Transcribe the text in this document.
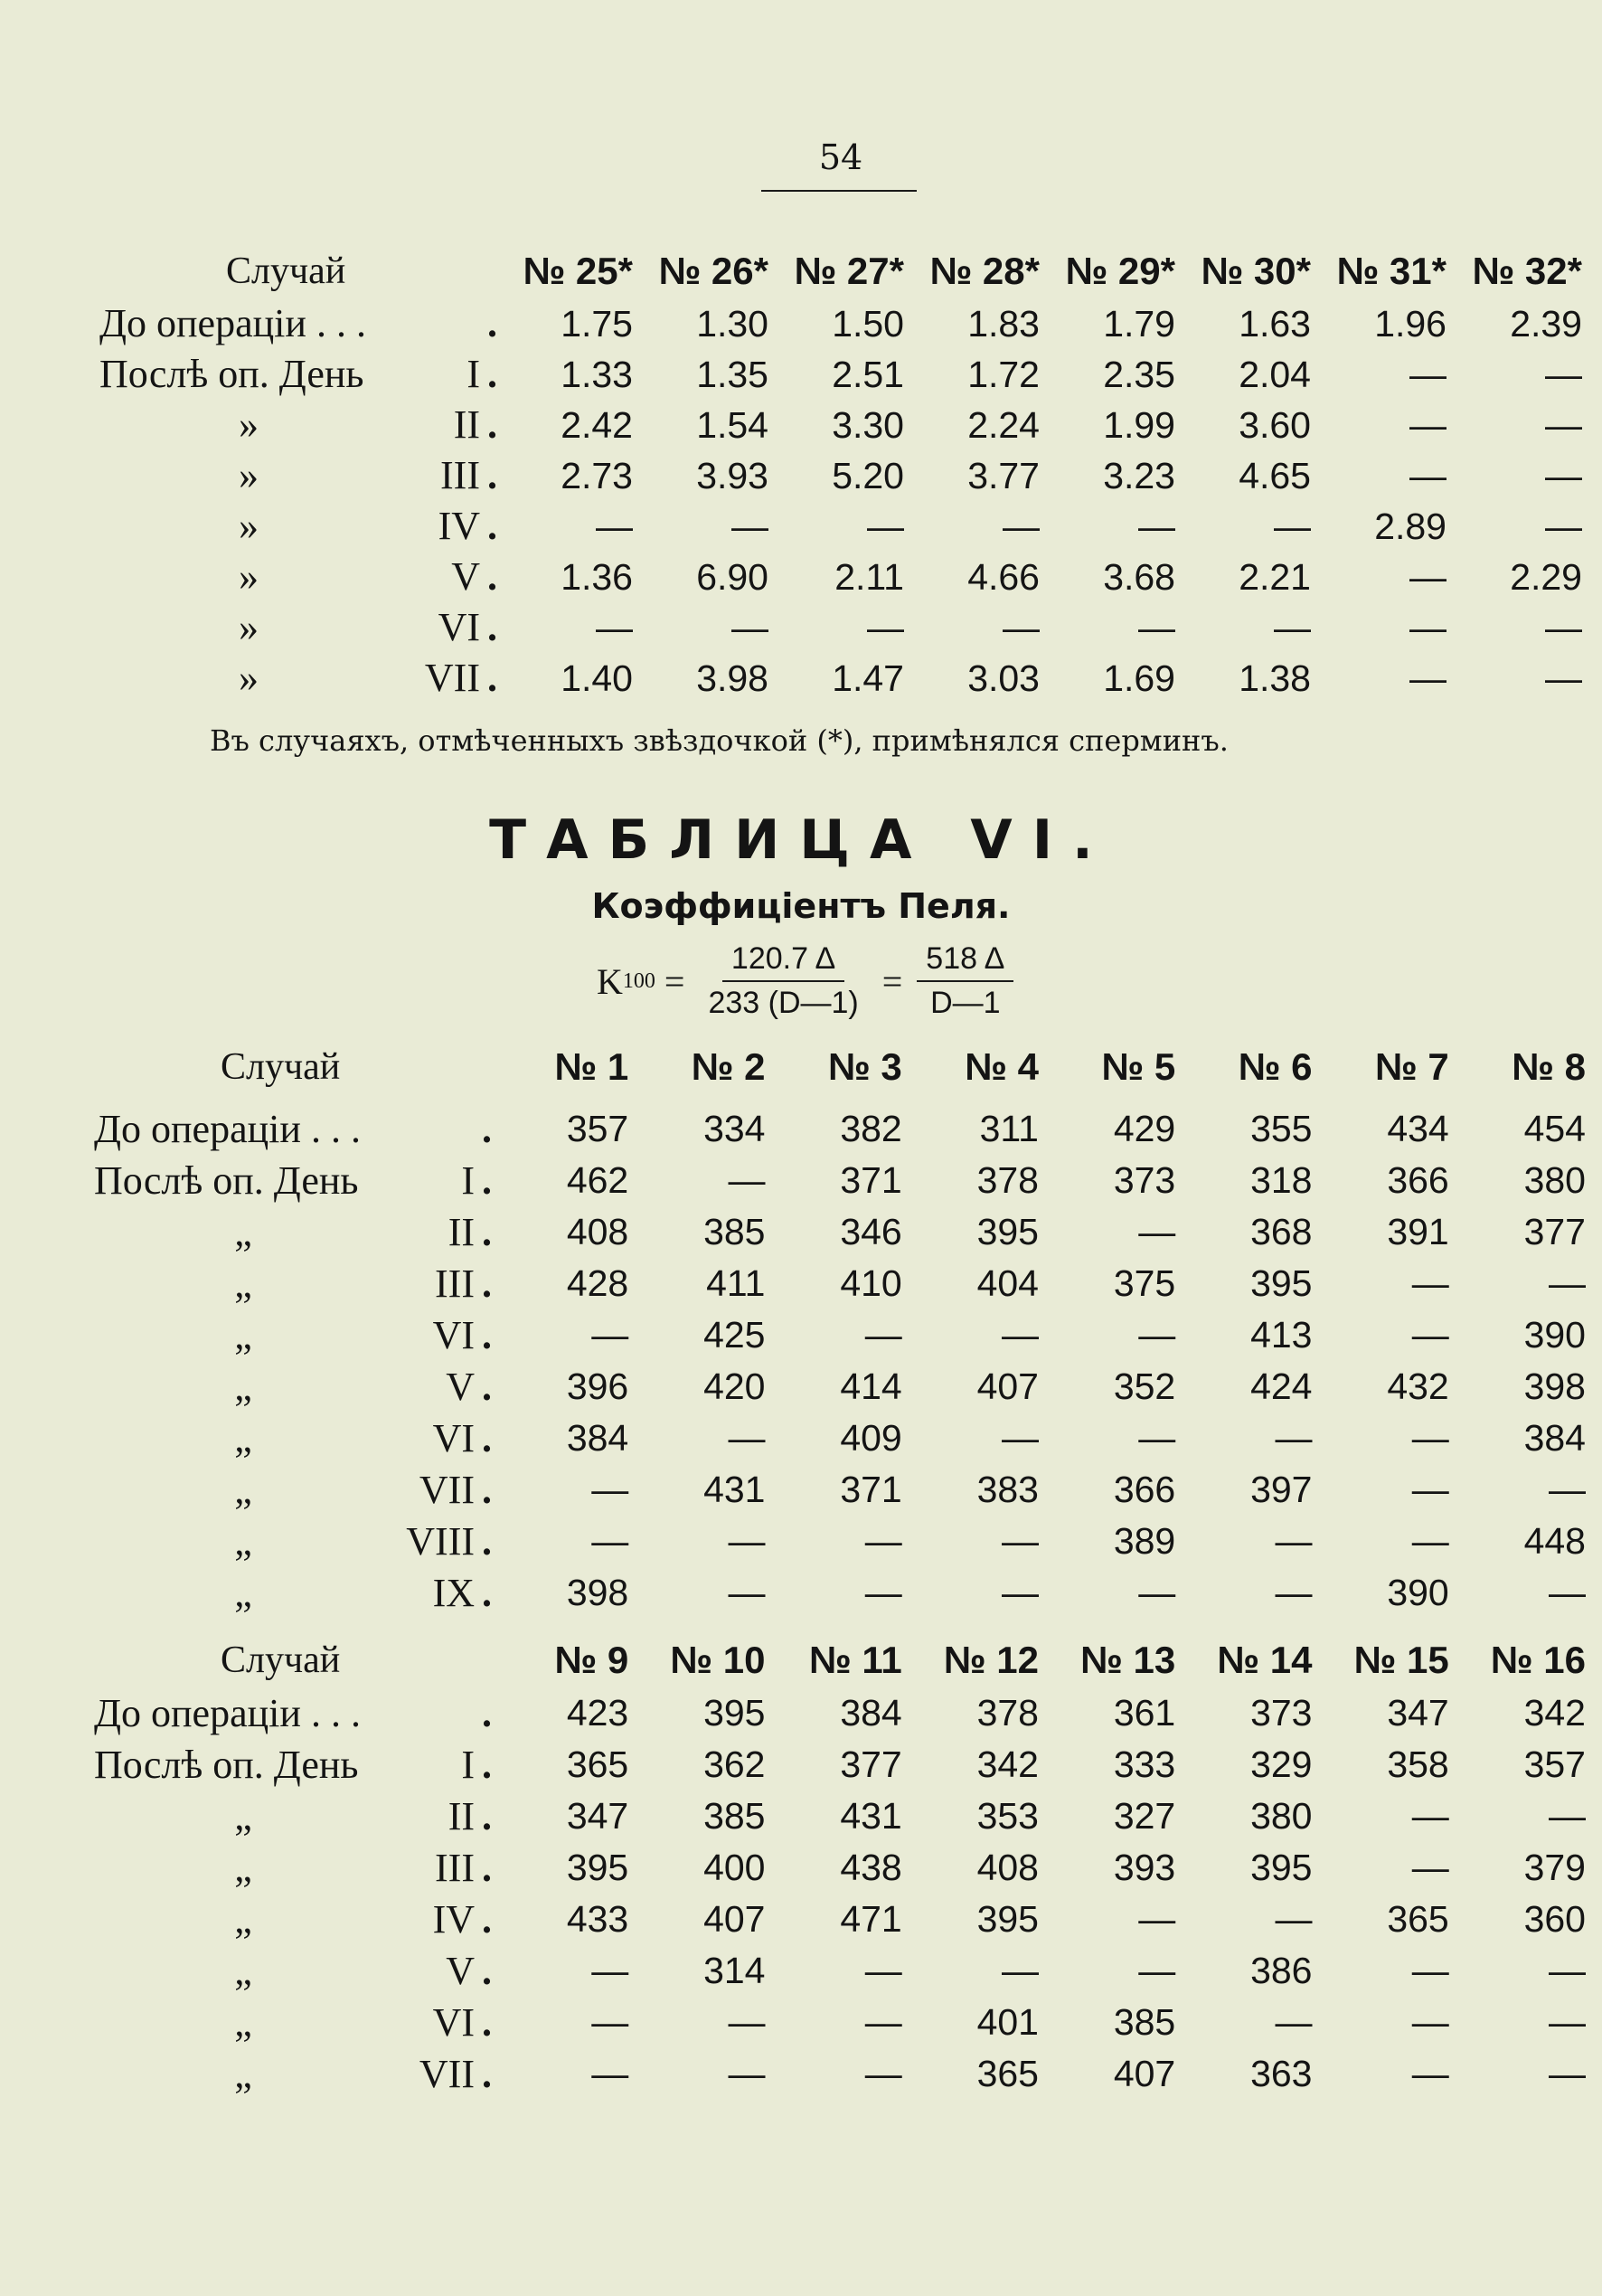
54
Случай	№ 25*	№ 26*	№ 27*	№ 28*	№ 29*	№ 30*	№ 31*	№ 32*

До операціи . . . .	1.75	1.30	1.50	1.83	1.79	1.63	1.96	2.39

Послѣ оп. День I .	1.33	1.35	2.51	1.72	2.35	2.04	—	—

» II .	2.42	1.54	3.30	2.24	1.99	3.60	—	—

» III .	2.73	3.93	5.20	3.77	3.23	4.65	—	—

» IV .	—	—	—	—	—	—	2.89	—

» V .	1.36	6.90	2.11	4.66	3.68	2.21	—	2.29

» VI .	—	—	—	—	—	—	—	—

» VII .	1.40	3.98	1.47	3.03	1.69	1.38	—	—
Въ случаяхъ, отмѣченныхъ звѣздочкой (*), примѣнялся сперминъ.
ТАБЛИЦА VI.
Коэффиціентъ Пеля.
K $100 = \frac{120.7 \Delta}{233 (D—1)} = \frac{518 \Delta}{D—1}$
Случай	№ 1	№ 2	№ 3	№ 4	№ 5	№ 6	№ 7	№ 8

До операціи . . . .	357	334	382	311	429	355	434	454

Послѣ оп. День I .	462	—	371	378	373	318	366	380

„ II .	408	385	346	395	—	368	391	377

„ III .	428	411	410	404	375	395	—	—

„ VI .	—	425	—	—	—	413	—	390

„ V .	396	420	414	407	352	424	432	398

„ VI .	384	—	409	—	—	—	—	384

„ VII .	—	431	371	383	366	397	—	—

„ VIII .	—	—	—	—	389	—	—	448

„ IX .	398	—	—	—	—	—	390	—
Случай	№ 9	№ 10	№ 11	№ 12	№ 13	№ 14	№ 15	№ 16

До операціи . . . .	423	395	384	378	361	373	347	342

Послѣ оп. День I .	365	362	377	342	333	329	358	357

„ II .	347	385	431	353	327	380	—	—

„ III .	395	400	438	408	393	395	—	379

„ IV .	433	407	471	395	—	—	365	360

„ V .	—	314	—	—	—	386	—	—

„ VI .	—	—	—	401	385	—	—	—

„ VII .	—	—	—	365	407	363	—	—
